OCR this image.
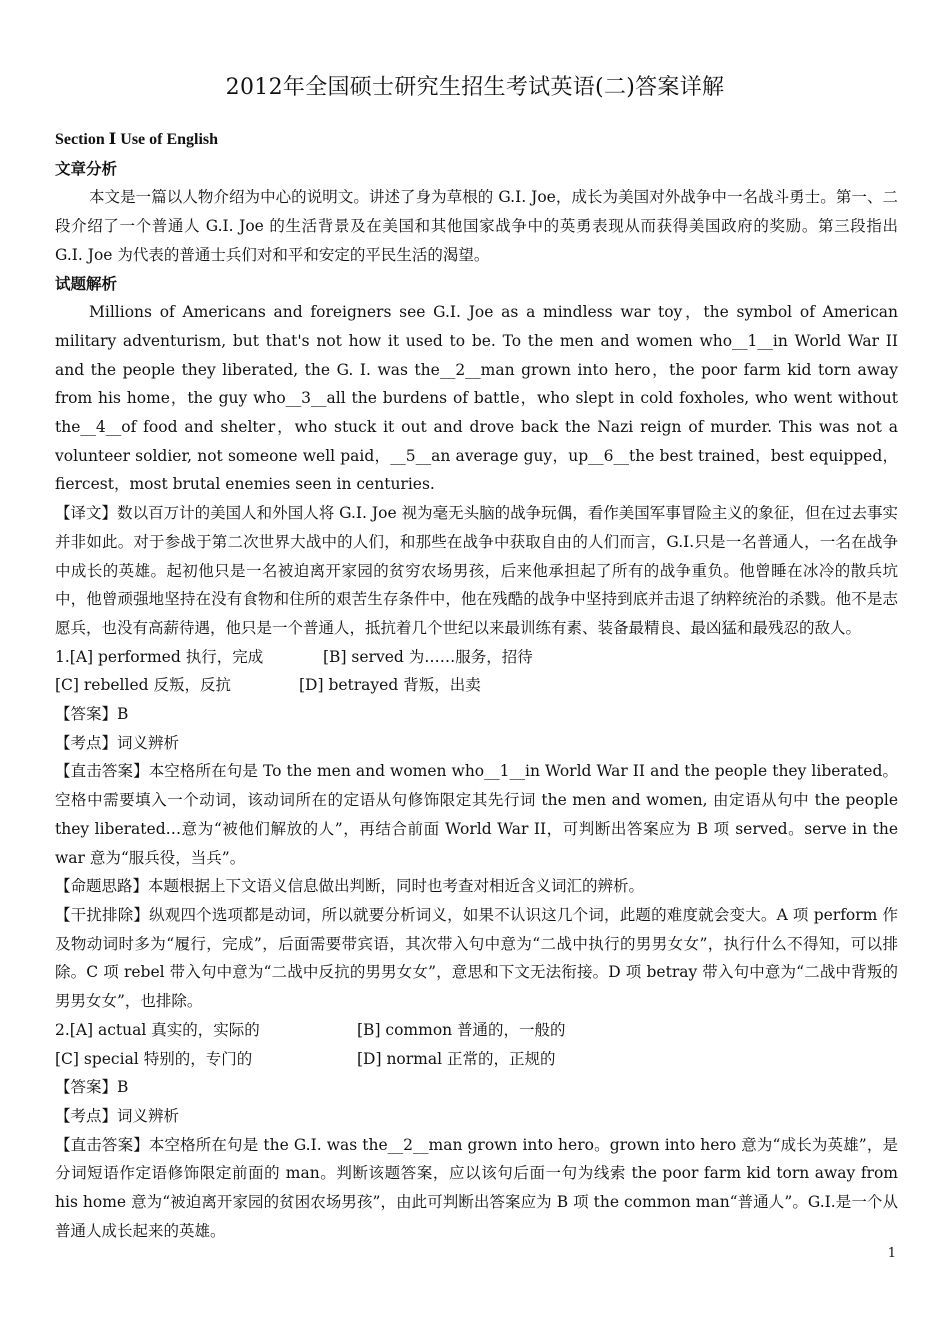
2012年全国硕士研究生招生考试英语(二)答案详解

Section Ⅰ Use of English

文章分析

本文是一篇以人物介绍为中心的说明文。讲述了身为草根的 G.I. Joe，成长为美国对外战争中一名战斗勇士。第一、二段介绍了一个普通人 G.I. Joe 的生活背景及在美国和其他国家战争中的英勇表现从而获得美国政府的奖励。第三段指出 G.I. Joe 为代表的普通士兵们对和平和安定的平民生活的渴望。

试题解析

Millions of Americans and foreigners see G.I. Joe as a mindless war toy，the symbol of American military adventurism, but that's not how it used to be. To the men and women who__1__in World War II and the people they liberated, the G. I. was the__2__man grown into hero，the poor farm kid torn away from his home，the guy who__3__all the burdens of battle，who slept in cold foxholes, who went without the__4__of food and shelter，who stuck it out and drove back the Nazi reign of murder. This was not a volunteer soldier, not someone well paid，__5__an average guy，up__6__the best trained，best equipped，fiercest，most brutal enemies seen in centuries.

【译文】数以百万计的美国人和外国人将 G.I. Joe 视为毫无头脑的战争玩偶，看作美国军事冒险主义的象征，但在过去事实并非如此。对于参战于第二次世界大战中的人们，和那些在战争中获取自由的人们而言，G.I.只是一名普通人，一名在战争中成长的英雄。起初他只是一名被迫离开家园的贫穷农场男孩，后来他承担起了所有的战争重负。他曾睡在冰冷的散兵坑中，他曾顽强地坚持在没有食物和住所的艰苦生存条件中，他在残酷的战争中坚持到底并击退了纳粹统治的杀戮。他不是志愿兵，也没有高薪待遇，他只是一个普通人，抵抗着几个世纪以来最训练有素、装备最精良、最凶猛和最残忍的敌人。

1.[A] performed 执行，完成	[B] served 为……服务，招待
[C] rebelled 反叛，反抗	[D] betrayed 背叛，出卖

【答案】B

【考点】词义辨析

【直击答案】本空格所在句是 To the men and women who__1__in World War II and the people they liberated。空格中需要填入一个动词，该动词所在的定语从句修饰限定其先行词 the men and women, 由定语从句中 the people they liberated…意为“被他们解放的人”，再结合前面 World War II，可判断出答案应为 B 项 served。serve in the war 意为“服兵役，当兵”。

【命题思路】本题根据上下文语义信息做出判断，同时也考查对相近含义词汇的辨析。

【干扰排除】纵观四个选项都是动词，所以就要分析词义，如果不认识这几个词，此题的难度就会变大。A 项 perform 作及物动词时多为“履行，完成”，后面需要带宾语，其次带入句中意为“二战中执行的男男女女”，执行什么不得知，可以排除。C 项 rebel 带入句中意为“二战中反抗的男男女女”，意思和下文无法衔接。D 项 betray 带入句中意为“二战中背叛的男男女女”，也排除。

2.[A] actual 真实的，实际的	[B] common 普通的，一般的
[C] special 特别的，专门的	[D] normal 正常的，正规的

【答案】B

【考点】词义辨析

【直击答案】本空格所在句是 the G.I. was the__2__man grown into hero。grown into hero 意为“成长为英雄”，是分词短语作定语修饰限定前面的 man。判断该题答案，应以该句后面一句为线索 the poor farm kid torn away from his home 意为“被迫离开家园的贫困农场男孩”，由此可判断出答案应为 B 项 the common man“普通人”。G.I.是一个从普通人成长起来的英雄。

1
